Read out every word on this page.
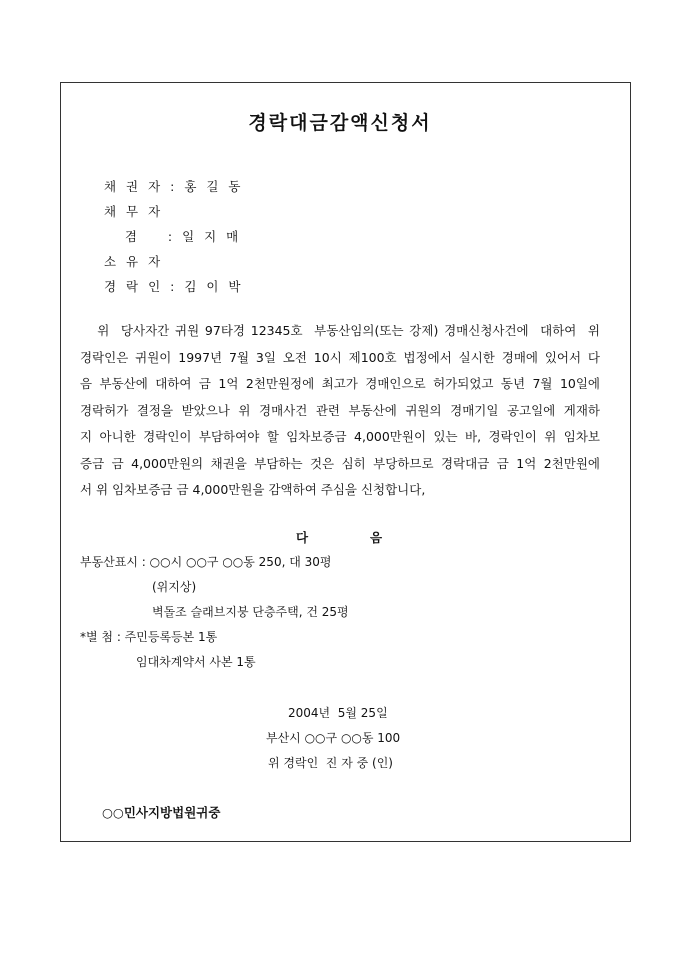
경락대금감액신청서
채 권 자 : 홍 길 동
채 무 자
겸    : 일 지 매
소 유 자
경 락 인 : 김 이 박
위  당사자간 귀원 97타경 12345호  부동산임의(또는 강제) 경매신청사건에  대하여  위
경락인은 귀원이 1997년 7월 3일 오전 10시 제100호 법정에서 실시한 경매에 있어서 다
음 부동산에 대하여 금 1억 2천만원정에 최고가 경매인으로 허가되었고 동년 7월 10일에
경락허가 결정을 받았으나 위 경매사건 관련 부동산에 귀원의 경매기일 공고일에 게재하
지 아니한 경락인이 부담하여야 할 임차보증금 4,000만원이 있는 바, 경락인이 위 임차보
증금 금 4,000만원의 채권을 부담하는 것은 심히 부당하므로 경락대금 금 1억 2천만원에
서 위 임차보증금 금 4,000만원을 감액하여 주심을 신청합니다,
다	음
부동산표시 : ○○시 ○○구 ○○동 250, 대 30평
(위지상)
벽돌조 슬래브지붕 단층주택, 건 25평
*별 첨 : 주민등록등본 1통
임대차계약서 사본 1통
2004년  5월 25일
부산시 ○○구 ○○동 100
위 경락인  진 자 중 (인)
○○민사지방법원귀중
